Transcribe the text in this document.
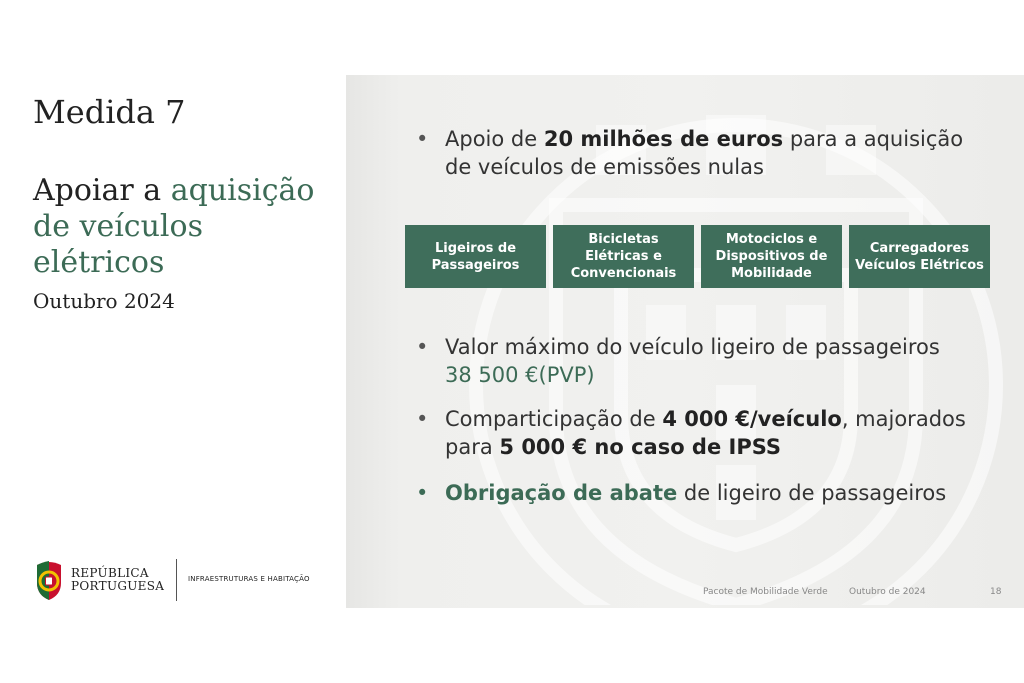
Medida 7
Apoiar a aquisição de veículos elétricos

Outubro 2024

REPÚBLICA
PORTUGUESA	INFRAESTRUTURAS E HABITAÇÃO
• Apoio de 20 milhões de euros para a aquisição de veículos de emissões nulas
Ligeiros de
Passageiros
Bicicletas
Elétricas e
Convencionais
Motociclos e
Dispositivos de
Mobilidade
Carregadores
Veículos Elétricos
• Valor máximo do veículo ligeiro de passageiros
38 500 €(PVP)
• Comparticipação de 4 000 €/veículo, majorados
para 5 000 € no caso de IPSS
• Obrigação de abate de ligeiro de passageiros
Pacote de Mobilidade Verde Outubro de 2024	18
